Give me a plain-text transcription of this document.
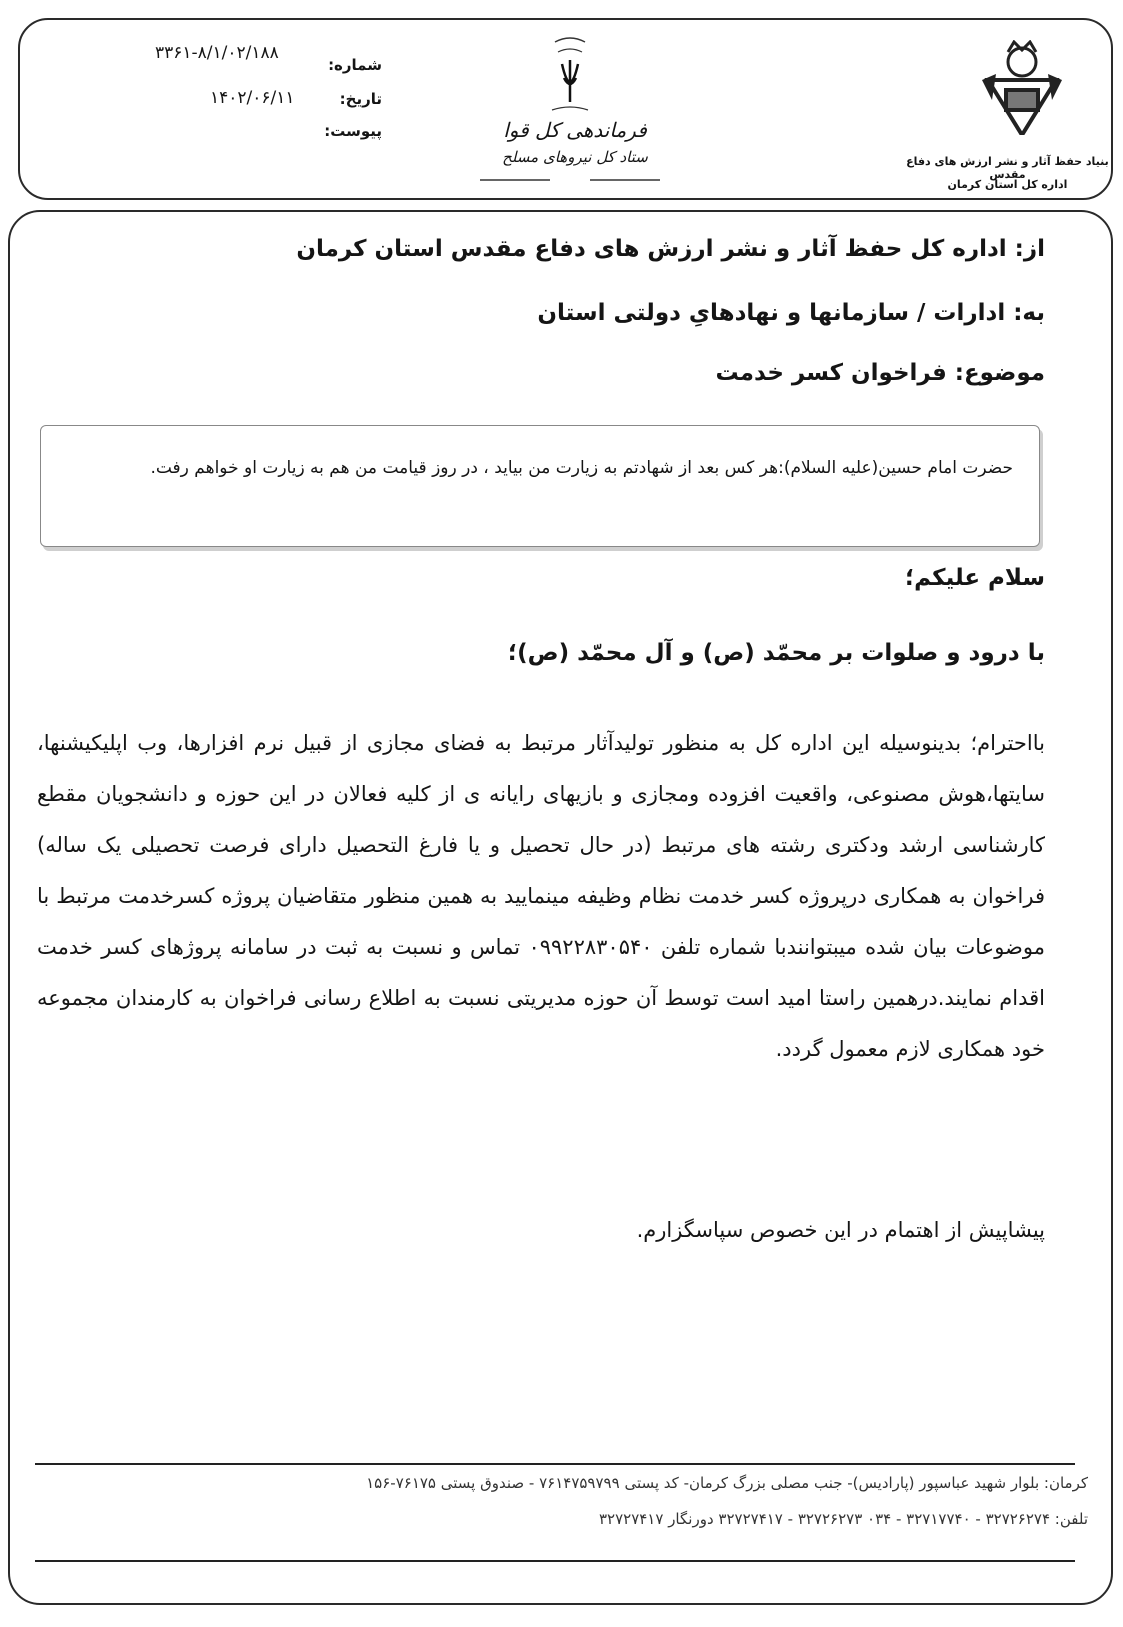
بنیاد حفظ آثار و نشر ارزش های دفاع مقدس
اداره کل استان کرمان
فرماندهی کل قوا
ستاد کل نیروهای مسلح
شماره:
۳۳۶۱-۸/۱/۰۲/۱۸۸
تاریخ:
۱۴۰۲/۰۶/۱۱
پیوست:
از: اداره کل حفظ آثار و نشر ارزش های دفاع مقدس استان کرمان
به: ادارات / سازمانها و نهادهایِ دولتی استان
موضوع: فراخوان کسر خدمت
حضرت امام حسین(علیه السلام):هر کس بعد از شهادتم به زیارت من بیاید ، در روز قیامت من هم به زیارت او خواهم رفت.
سلام علیکم؛
با درود و صلوات بر محمّد (ص) و آل محمّد (ص)؛
بااحترام؛ بدینوسیله این اداره کل به منظور تولیدآثار مرتبط به فضای مجازی از قبیل نرم افزارها، وب اپلیکیشنها، سایتها،هوش مصنوعی، واقعیت افزوده ومجازی و بازیهای رایانه ی از کلیه فعالان در این حوزه و دانشجویان مقطع کارشناسی ارشد ودکتری رشته های مرتبط (در حال تحصیل و یا فارغ التحصیل دارای فرصت تحصیلی یک ساله) فراخوان به همکاری درپروژه کسر خدمت نظام وظیفه مینمایید به همین منظور متقاضیان پروژه کسرخدمت مرتبط با موضوعات بیان شده میبتوانندبا شماره تلفن ۰۹۹۲۲۸۳۰۵۴۰ تماس و نسبت به ثبت در سامانه پروژهای کسر خدمت اقدام نمایند.درهمین راستا امید است توسط آن حوزه مدیریتی نسبت به اطلاع رسانی فراخوان به کارمندان مجموعه خود همکاری لازم معمول گردد.
پیشاپیش از اهتمام در این خصوص سپاسگزارم.
کرمان: بلوار شهید عباسپور (پارادیس)- جنب مصلی بزرگ کرمان- کد پستی ۷۶۱۴۷۵۹۷۹۹ - صندوق پستی ۷۶۱۷۵-۱۵۶
تلفن: ۳۲۷۲۶۲۷۴ - ۳۲۷۱۷۷۴۰ - ۰۳۴ ۳۲۷۲۶۲۷۳ - ۳۲۷۲۷۴۱۷ دورنگار ۳۲۷۲۷۴۱۷
